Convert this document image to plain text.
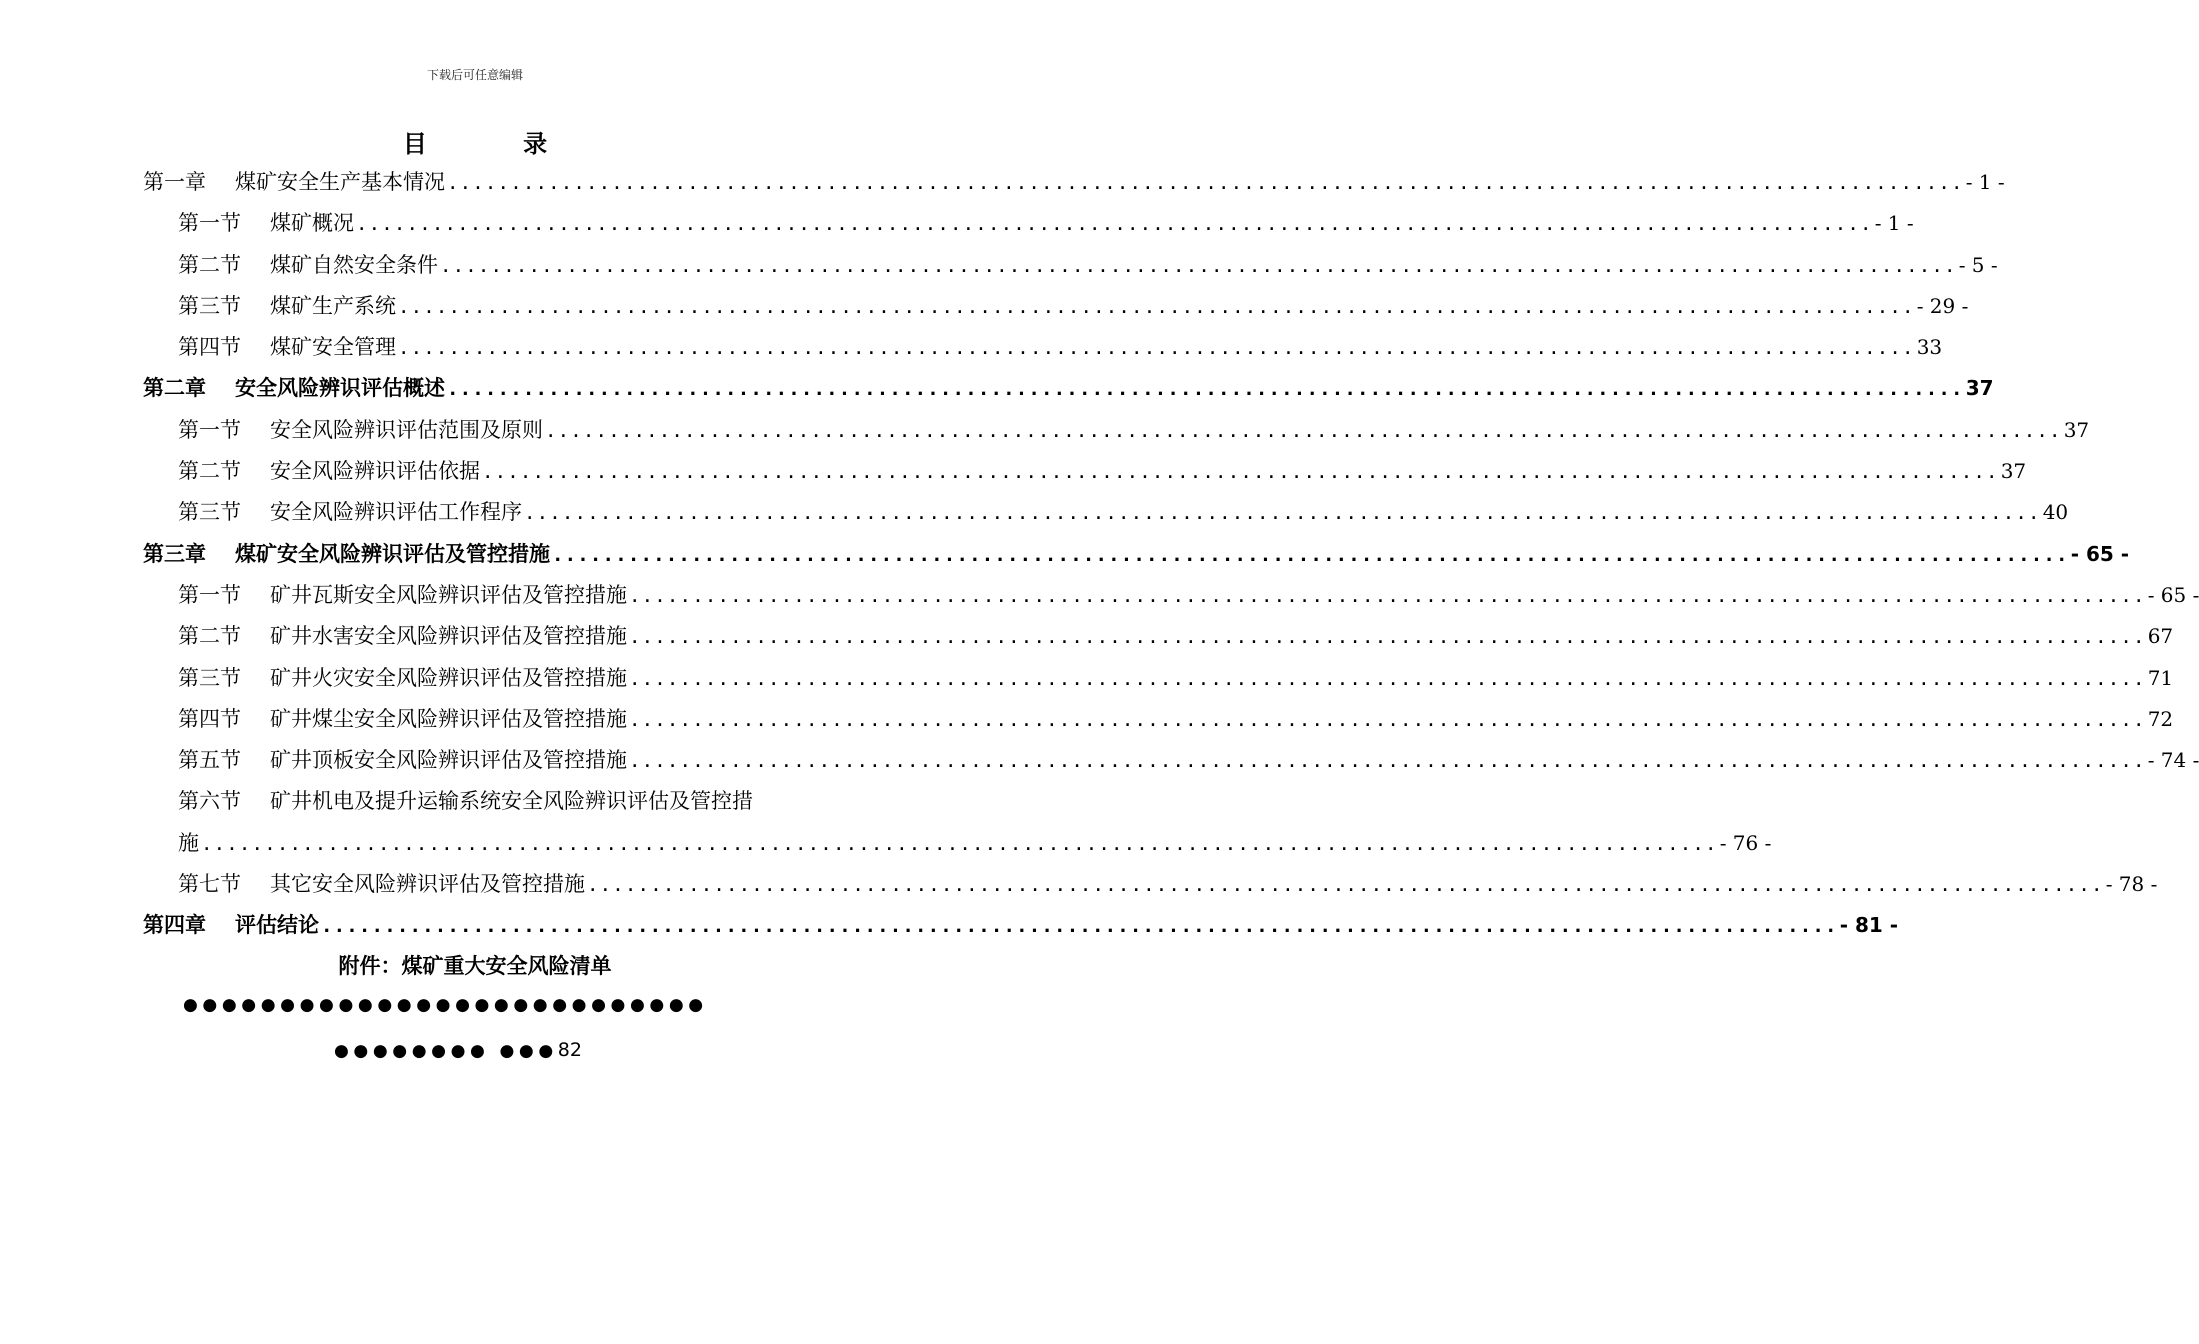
下载后可任意编辑
目 录
第一章 煤矿安全生产基本情况 ........................................................................................................................ - 1 -
第一节 煤矿概况 ........................................................................................................................ - 1 -
第二节 煤矿自然安全条件 ........................................................................................................................ - 5 -
第三节 煤矿生产系统 ........................................................................................................................ - 29 -
第四节 煤矿安全管理 ........................................................................................................................ 33
第二章 安全风险辨识评估概述 ........................................................................................................................ 37
第一节 安全风险辨识评估范围及原则 ........................................................................................................................ 37
第二节 安全风险辨识评估依据 ........................................................................................................................ 37
第三节 安全风险辨识评估工作程序 ........................................................................................................................ 40
第三章 煤矿安全风险辨识评估及管控措施 ........................................................................................................................ - 65 -
第一节 矿井瓦斯安全风险辨识评估及管控措施 ........................................................................................................................ - 65 -
第二节 矿井水害安全风险辨识评估及管控措施 ........................................................................................................................ 67
第三节 矿井火灾安全风险辨识评估及管控措施 ........................................................................................................................ 71
第四节 矿井煤尘安全风险辨识评估及管控措施 ........................................................................................................................ 72
第五节 矿井顶板安全风险辨识评估及管控措施 ........................................................................................................................ - 74 -
第六节 矿井机电及提升运输系统安全风险辨识评估及管控措
施 ........................................................................................................................ - 76 -
第七节 其它安全风险辨识评估及管控措施 ........................................................................................................................ - 78 -
第四章 评估结论 ........................................................................................................................ - 81 -
附件：煤矿重大安全风险清单
●●●●●●●●●●●●●●●●●●●●●●●●●●●
●●●●●●●● ●●●82
